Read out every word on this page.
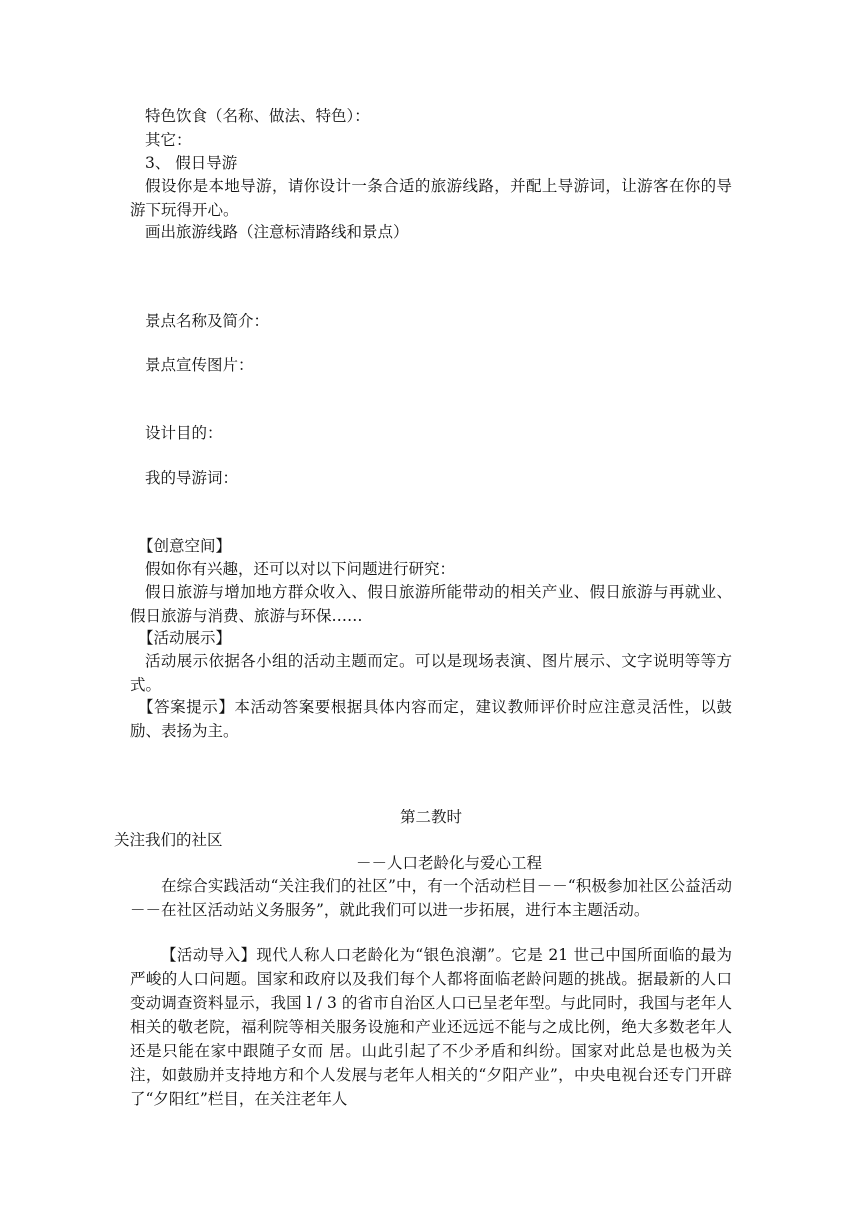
特色饮食（名称、做法、特色）：

其它：

3、 假日导游

假设你是本地导游，请你设计一条合适的旅游线路，并配上导游词，让游客在你的导游下玩得开心。

画出旅游线路（注意标清路线和景点）

景点名称及简介：

景点宣传图片：

设计目的：

我的导游词：

【创意空间】

假如你有兴趣，还可以对以下问题进行研究：

假日旅游与增加地方群众收入、假日旅游所能带动的相关产业、假日旅游与再就业、假日旅游与消费、旅游与环保……

【活动展示】

活动展示依据各小组的活动主题而定。可以是现场表演、图片展示、文字说明等等方式。

【答案提示】本活动答案要根据具体内容而定，建议教师评价时应注意灵活性，以鼓励、表扬为主。

第二教时

关注我们的社区

－－人口老龄化与爱心工程

在综合实践活动“关注我们的社区”中，有一个活动栏目－－“积极参加社区公益活动－－在社区活动站义务服务”，就此我们可以进一步拓展，进行本主题活动。

【活动导入】现代人称人口老龄化为“银色浪潮”。它是 21 世己中国所面临的最为严峻的人口问题。国家和政府以及我们每个人都将面临老龄问题的挑战。据最新的人口变动调查资料显示，我国 l / 3 的省市自治区人口已呈老年型。与此同时，我国与老年人相关的敬老院，福利院等相关服务设施和产业还远远不能与之成比例，绝大多数老年人还是只能在家中跟随子女而 居。山此引起了不少矛盾和纠纷。国家对此总是也极为关注，如鼓励并支持地方和个人发展与老年人相关的“夕阳产业”，中央电视台还专门开辟了“夕阳红”栏目，在关注老年人
